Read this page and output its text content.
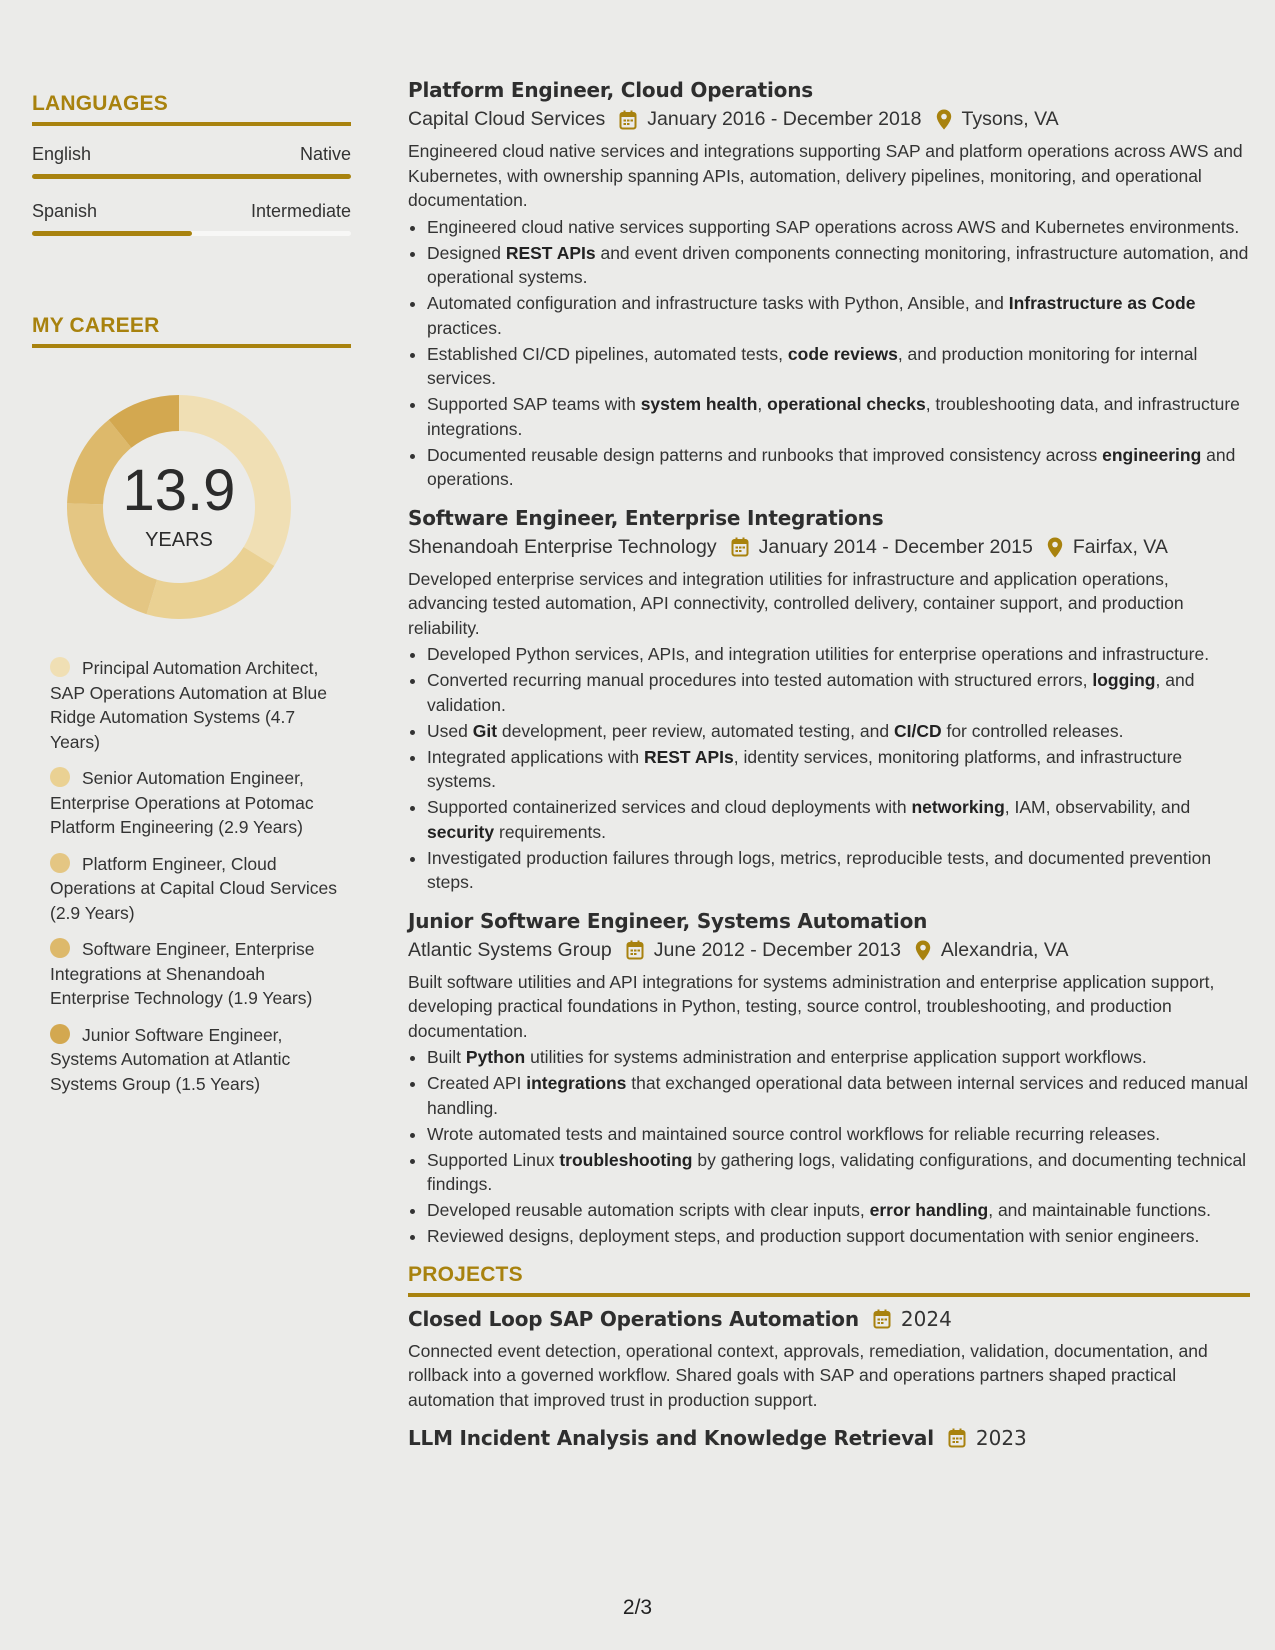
LANGUAGES
English	Native
Spanish	Intermediate
MY CAREER
13.9
YEARS
Principal Automation Architect, SAP Operations Automation at Blue Ridge Automation Systems (4.7 Years)
Senior Automation Engineer, Enterprise Operations at Potomac Platform Engineering (2.9 Years)
Platform Engineer, Cloud Operations at Capital Cloud Services (2.9 Years)
Software Engineer, Enterprise Integrations at Shenandoah Enterprise Technology (1.9 Years)
Junior Software Engineer, Systems Automation at Atlantic Systems Group (1.5 Years)
Platform Engineer, Cloud Operations
Capital Cloud Services January 2016 - December 2018 Tysons, VA

Engineered cloud native services and integrations supporting SAP and platform operations across AWS and Kubernetes, with ownership spanning APIs, automation, delivery pipelines, monitoring, and operational documentation.

• Engineered cloud native services supporting SAP operations across AWS and Kubernetes environments.
• Designed REST APIs and event driven components connecting monitoring, infrastructure automation, and operational systems.
• Automated configuration and infrastructure tasks with Python, Ansible, and Infrastructure as Code practices.
• Established CI/CD pipelines, automated tests, code reviews, and production monitoring for internal services.
• Supported SAP teams with system health, operational checks, troubleshooting data, and infrastructure integrations.
• Documented reusable design patterns and runbooks that improved consistency across engineering and operations.
Software Engineer, Enterprise Integrations
Shenandoah Enterprise Technology January 2014 - December 2015 Fairfax, VA

Developed enterprise services and integration utilities for infrastructure and application operations, advancing tested automation, API connectivity, controlled delivery, container support, and production reliability.

• Developed Python services, APIs, and integration utilities for enterprise operations and infrastructure.
• Converted recurring manual procedures into tested automation with structured errors, logging, and validation.
• Used Git development, peer review, automated testing, and CI/CD for controlled releases.
• Integrated applications with REST APIs, identity services, monitoring platforms, and infrastructure systems.
• Supported containerized services and cloud deployments with networking, IAM, observability, and security requirements.
• Investigated production failures through logs, metrics, reproducible tests, and documented prevention steps.
Junior Software Engineer, Systems Automation
Atlantic Systems Group June 2012 - December 2013 Alexandria, VA

Built software utilities and API integrations for systems administration and enterprise application support, developing practical foundations in Python, testing, source control, troubleshooting, and production documentation.

• Built Python utilities for systems administration and enterprise application support workflows.
• Created API integrations that exchanged operational data between internal services and reduced manual handling.
• Wrote automated tests and maintained source control workflows for reliable recurring releases.
• Supported Linux troubleshooting by gathering logs, validating configurations, and documenting technical findings.
• Developed reusable automation scripts with clear inputs, error handling, and maintainable functions.
• Reviewed designs, deployment steps, and production support documentation with senior engineers.
PROJECTS
Closed Loop SAP Operations Automation 2024

Connected event detection, operational context, approvals, remediation, validation, documentation, and rollback into a governed workflow. Shared goals with SAP and operations partners shaped practical automation that improved trust in production support.

LLM Incident Analysis and Knowledge Retrieval 2023
2/3
